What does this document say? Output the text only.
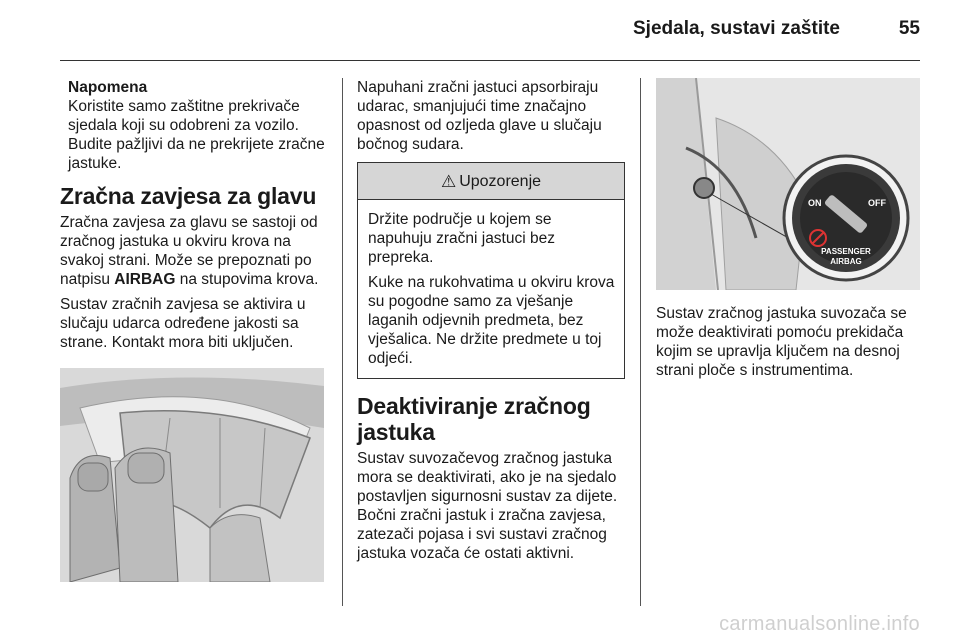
Sjedala, sustavi zaštite	55
Napomena
Koristite samo zaštitne prekrivače sjedala koji su odobreni za vozilo. Budite pažljivi da ne prekrijete zračne jastuke.
Zračna zavjesa za glavu

Zračna zavjesa za glavu se sastoji od zračnog jastuka u okviru krova na svakoj strani. Može se prepoznati po natpisu AIRBAG na stupovima krova.

Sustav zračnih zavjesa se aktivira u slučaju udarca određene jakosti sa strane. Kontakt mora biti uključen.

Napuhani zračni jastuci apsorbiraju udarac, smanjujući time značajno opasnost od ozljeda glave u slučaju bočnog sudara.

⚠ Upozorenje

Držite područje u kojem se napuhuju zračni jastuci bez prepreka.

Kuke na rukohvatima u okviru krova su pogodne samo za vješanje laganih odjevnih predmeta, bez vješalica. Ne držite predmete u toj odjeći.

Deaktiviranje zračnog jastuka

Sustav suvozačevog zračnog jastuka mora se deaktivirati, ako je na sjedalo postavljen sigurnosni sustav za dijete. Bočni zračni jastuk i zračna zavjesa, zatezači pojasa i svi sustavi zračnog jastuka vozača će ostati aktivni.

ON	OFF
PASSENGER
AIRBAG

Sustav zračnog jastuka suvozača se može deaktivirati pomoću prekidača kojim se upravlja ključem na desnoj strani ploče s instrumentima.

carmanualsonline.info
